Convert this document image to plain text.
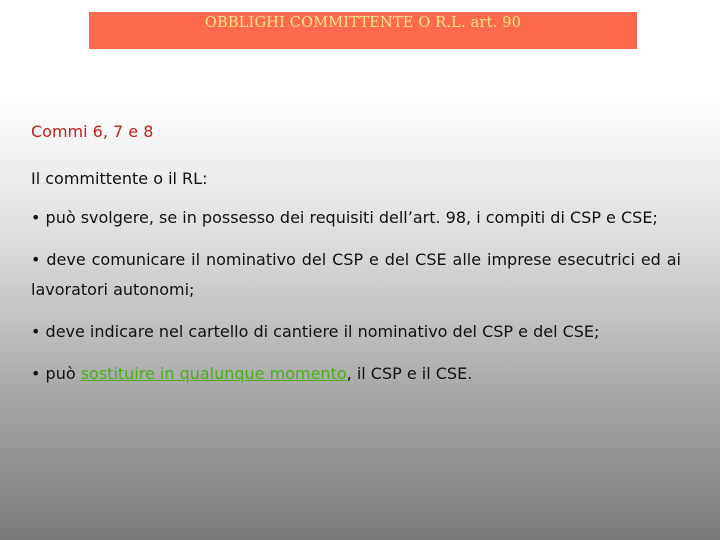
OBBLIGHI COMMITTENTE O R.L. art. 90

Commi 6, 7 e 8

Il committente o il RL:

• può svolgere, se in possesso dei requisiti dell’art. 98, i compiti di CSP e CSE;

• deve comunicare il nominativo del CSP e del CSE alle imprese esecutrici ed ai lavoratori autonomi;

• deve indicare nel cartello di cantiere il nominativo del CSP e del CSE;

• può sostituire in qualunque momento, il CSP e il CSE.
